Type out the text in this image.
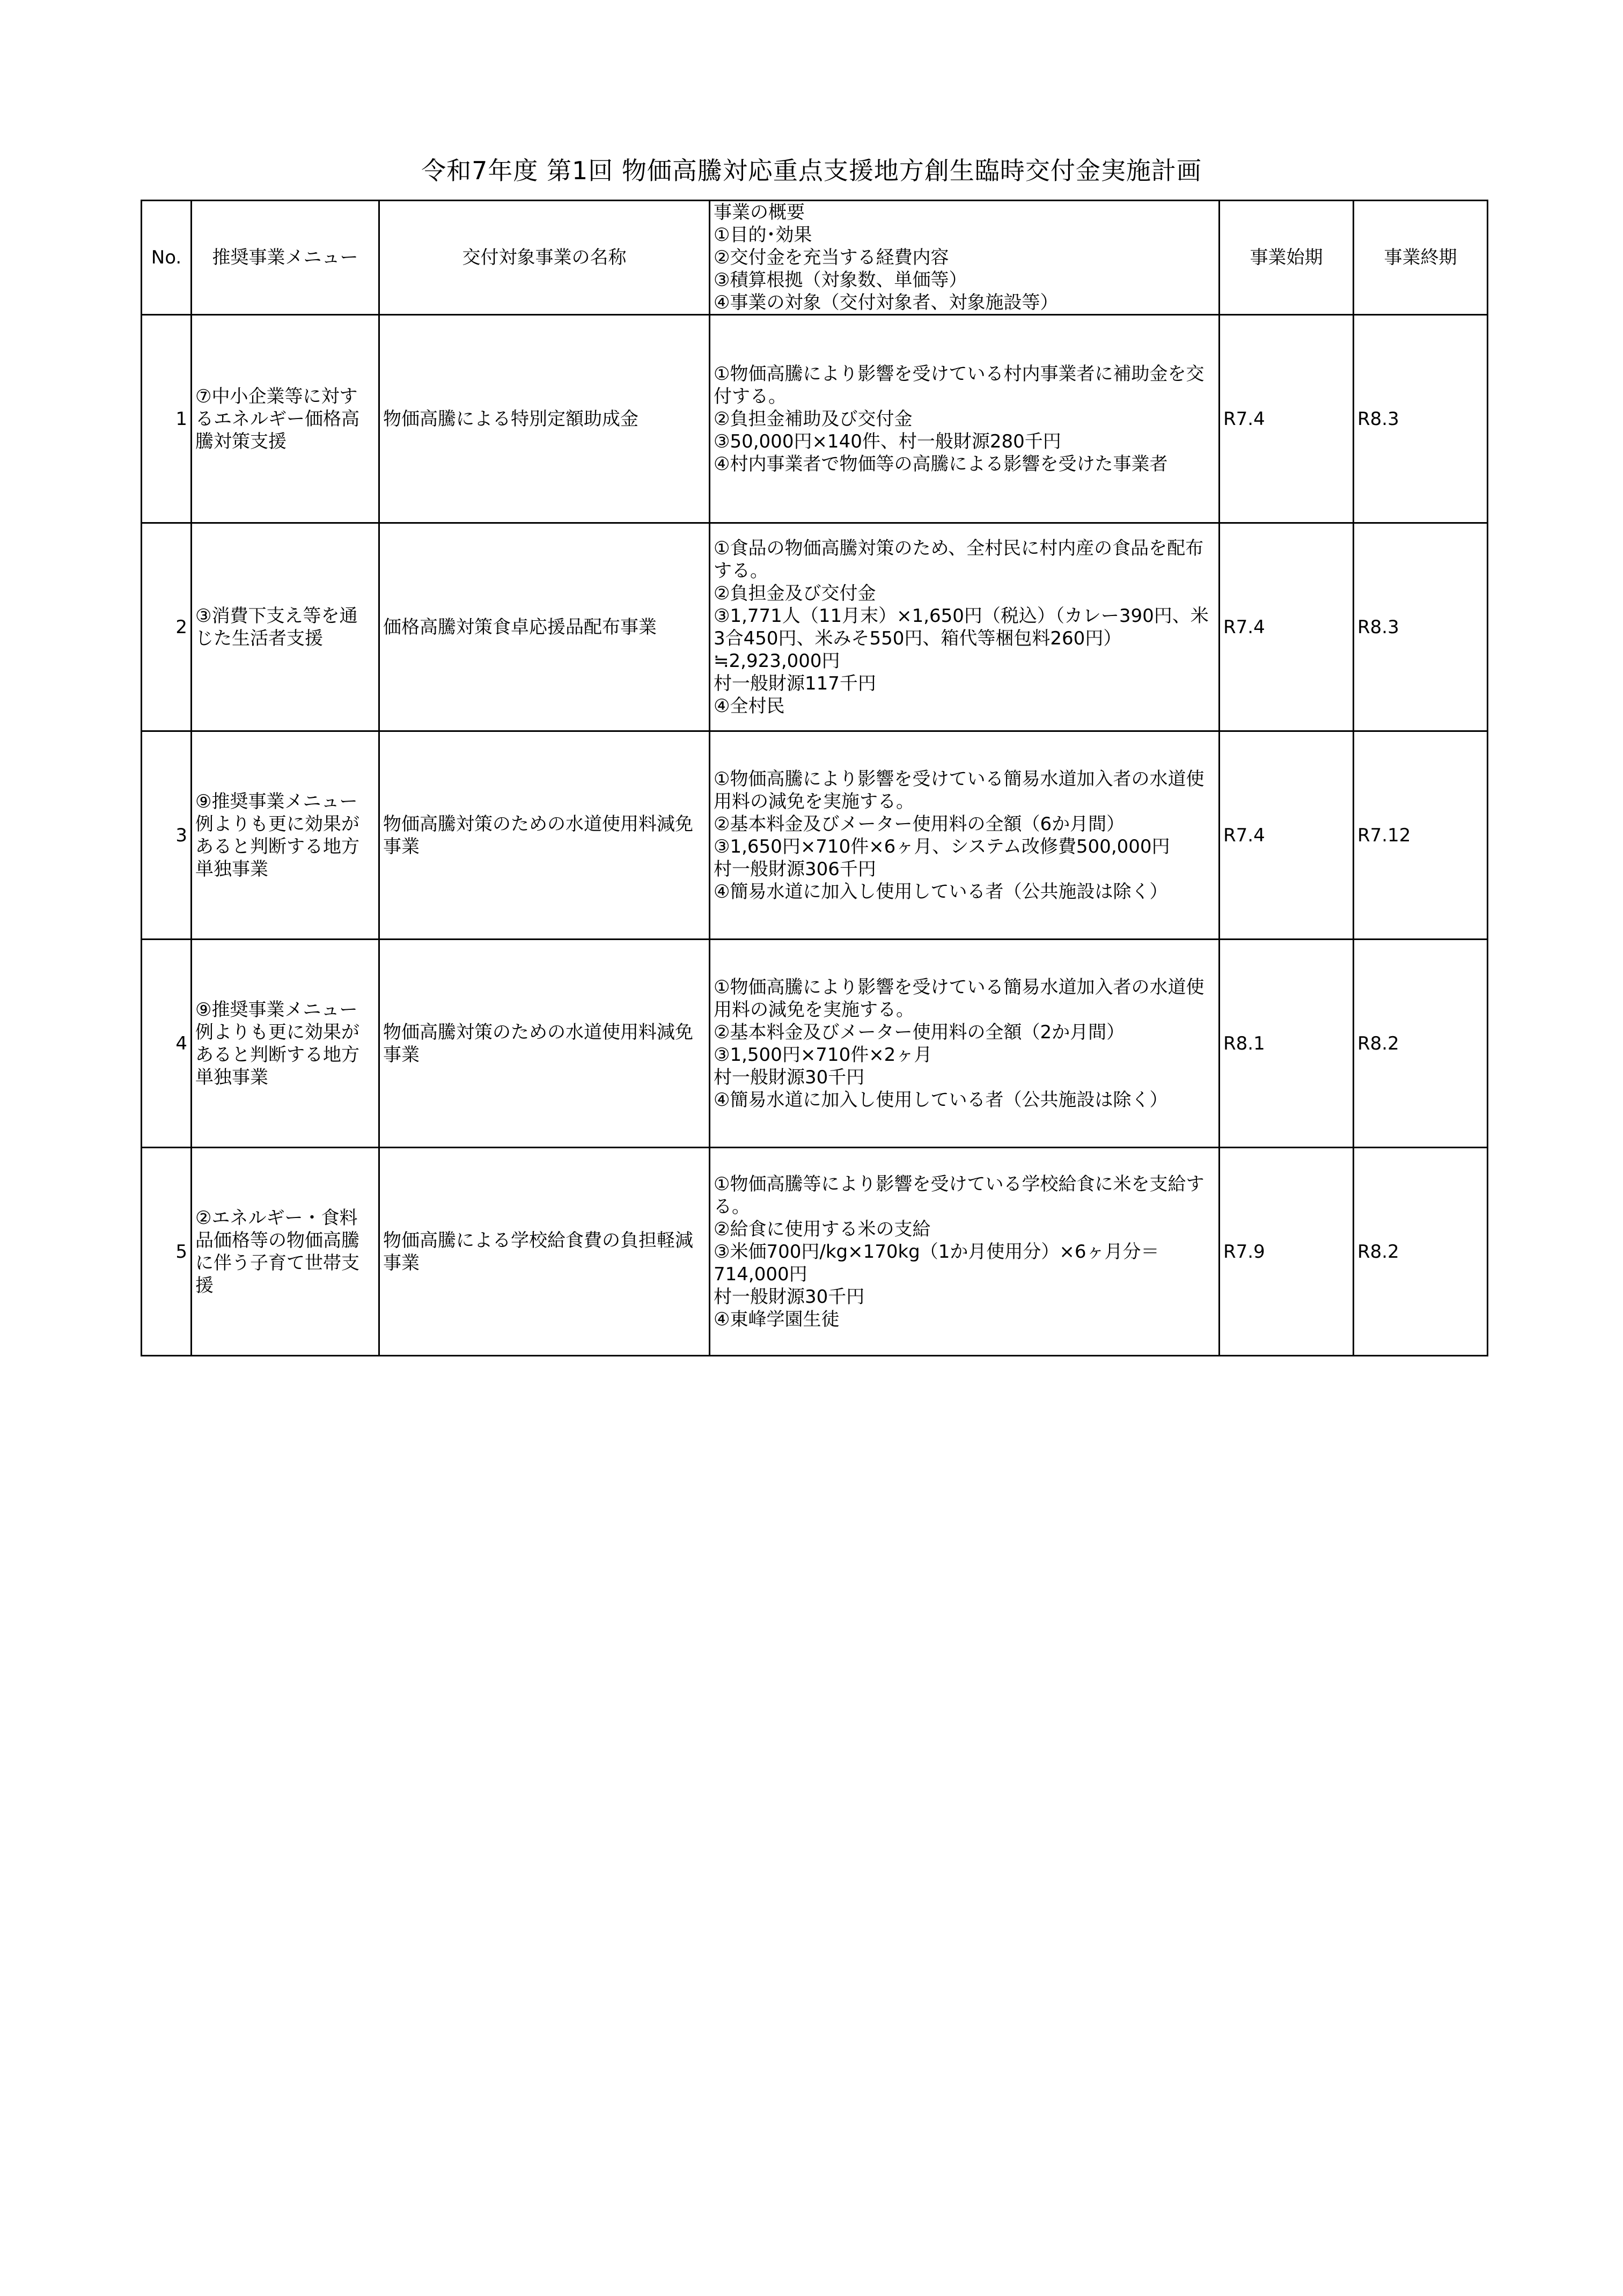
令和7年度 第1回 物価高騰対応重点支援地方創生臨時交付金実施計画
No.	推奨事業メニュー	交付対象事業の名称	事業の概要
①目的･効果
②交付金を充当する経費内容
③積算根拠（対象数、単価等）
④事業の対象（交付対象者、対象施設等）	事業始期	事業終期
1	⑦中小企業等に対するエネルギー価格高騰対策支援	物価高騰による特別定額助成金	①物価高騰により影響を受けている村内事業者に補助金を交付する。
②負担金補助及び交付金
③50,000円×140件、村一般財源280千円
④村内事業者で物価等の高騰による影響を受けた事業者	R7.4	R8.3
2	③消費下支え等を通じた生活者支援	価格高騰対策食卓応援品配布事業	①食品の物価高騰対策のため、全村民に村内産の食品を配布する。
②負担金及び交付金
③1,771人（11月末）×1,650円（税込）（カレー390円、米3合450円、米みそ550円、箱代等梱包料260円）≒2,923,000円
村一般財源117千円
④全村民	R7.4	R8.3
3	⑨推奨事業メニュー例よりも更に効果があると判断する地方単独事業	物価高騰対策のための水道使用料減免事業	①物価高騰により影響を受けている簡易水道加入者の水道使用料の減免を実施する。
②基本料金及びメーター使用料の全額（6か月間）
③1,650円×710件×6ヶ月、システム改修費500,000円
村一般財源306千円
④簡易水道に加入し使用している者（公共施設は除く）	R7.4	R7.12
4	⑨推奨事業メニュー例よりも更に効果があると判断する地方単独事業	物価高騰対策のための水道使用料減免事業	①物価高騰により影響を受けている簡易水道加入者の水道使用料の減免を実施する。
②基本料金及びメーター使用料の全額（2か月間）
③1,500円×710件×2ヶ月
村一般財源30千円
④簡易水道に加入し使用している者（公共施設は除く）	R8.1	R8.2
5	②エネルギー・食料品価格等の物価高騰に伴う子育て世帯支援	物価高騰による学校給食費の負担軽減事業	①物価高騰等により影響を受けている学校給食に米を支給する。
②給食に使用する米の支給
③米価700円/kg×170kg（1か月使用分）×6ヶ月分＝714,000円
村一般財源30千円
④東峰学園生徒	R7.9	R8.2
